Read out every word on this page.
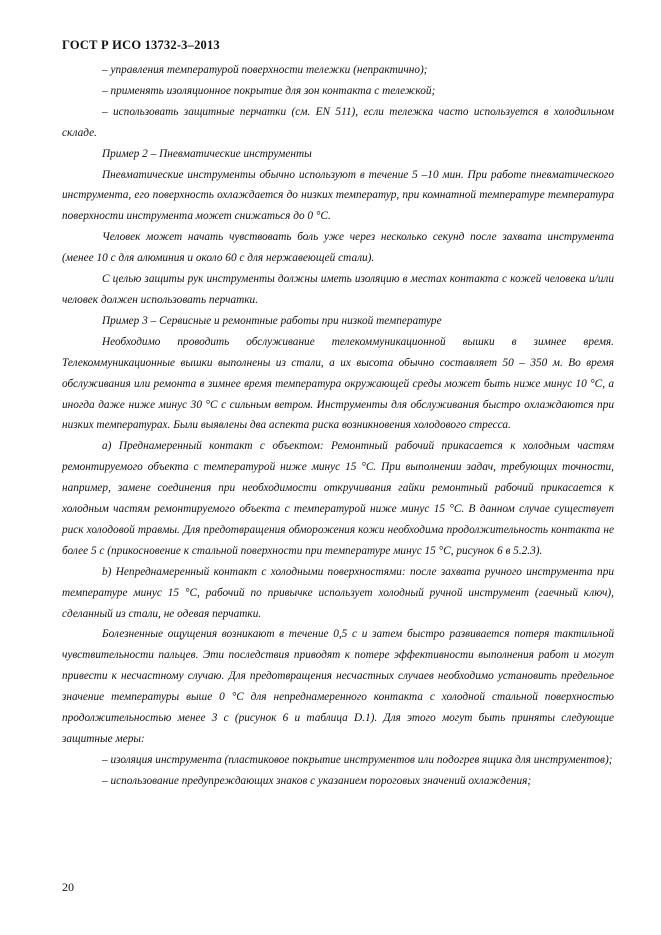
ГОСТ Р ИСО 13732-3–2013

– управления температурой поверхности тележки (непрактично);

– применять изоляционное покрытие для зон контакта с тележкой;

– использовать защитные перчатки (см. EN 511), если тележка часто используется в холодильном складе.

Пример 2 – Пневматические инструменты

Пневматические инструменты обычно используют в течение 5 –10 мин. При работе пневматического инструмента, его поверхность охлаждается до низких температур, при комнатной температуре температура поверхности инструмента может снижаться до 0 °С.

Человек может начать чувствовать боль уже через несколько секунд после захвата инструмента (менее 10 с для алюминия и около 60 с для нержавеющей стали).

С целью защиты рук инструменты должны иметь изоляцию в местах контакта с кожей человека и/или человек должен использовать перчатки.

Пример 3 – Сервисные и ремонтные работы при низкой температуре

Необходимо проводить обслуживание телекоммуникационной вышки в зимнее время. Телекоммуникационные вышки выполнены из стали, а их высота обычно составляет 50 – 350 м. Во время обслуживания или ремонта в зимнее время температура окружающей среды может быть ниже минус 10 °С, а иногда даже ниже минус 30 °С с сильным ветром. Инструменты для обслуживания быстро охлаждаются при низких температурах. Были выявлены два аспекта риска возникновения холодового стресса.

a) Преднамеренный контакт с объектом: Ремонтный рабочий прикасается к холодным частям ремонтируемого объекта с температурой ниже минус 15 °С. При выполнении задач, требующих точности, например, замене соединения при необходимости откручивания гайки ремонтный рабочий прикасается к холодным частям ремонтируемого объекта с температурой ниже минус 15 °С. В данном случае существует риск холодовой травмы. Для предотвращения обморожения кожи необходима продолжительность контакта не более 5 с (прикосновение к стальной поверхности при температуре минус 15 °С, рисунок 6 в 5.2.3).

b) Непреднамеренный контакт с холодными поверхностями: после захвата ручного инструмента при температуре минус 15 °С, рабочий по привычке использует холодный ручной инструмент (гаечный ключ), сделанный из стали, не одевая перчатки.

Болезненные ощущения возникают в течение 0,5 с и затем быстро развивается потеря тактильной чувствительности пальцев. Эти последствия приводят к потере эффективности выполнения работ и могут привести к несчастному случаю. Для предотвращения несчастных случаев необходимо установить предельное значение температуры выше 0 °С для непреднамеренного контакта с холодной стальной поверхностью продолжительностью менее 3 с (рисунок 6 и таблица D.1). Для этого могут быть приняты следующие защитные меры:

– изоляция инструмента (пластиковое покрытие инструментов или подогрев ящика для инструментов);

– использование предупреждающих знаков с указанием пороговых значений охлаждения;

20
